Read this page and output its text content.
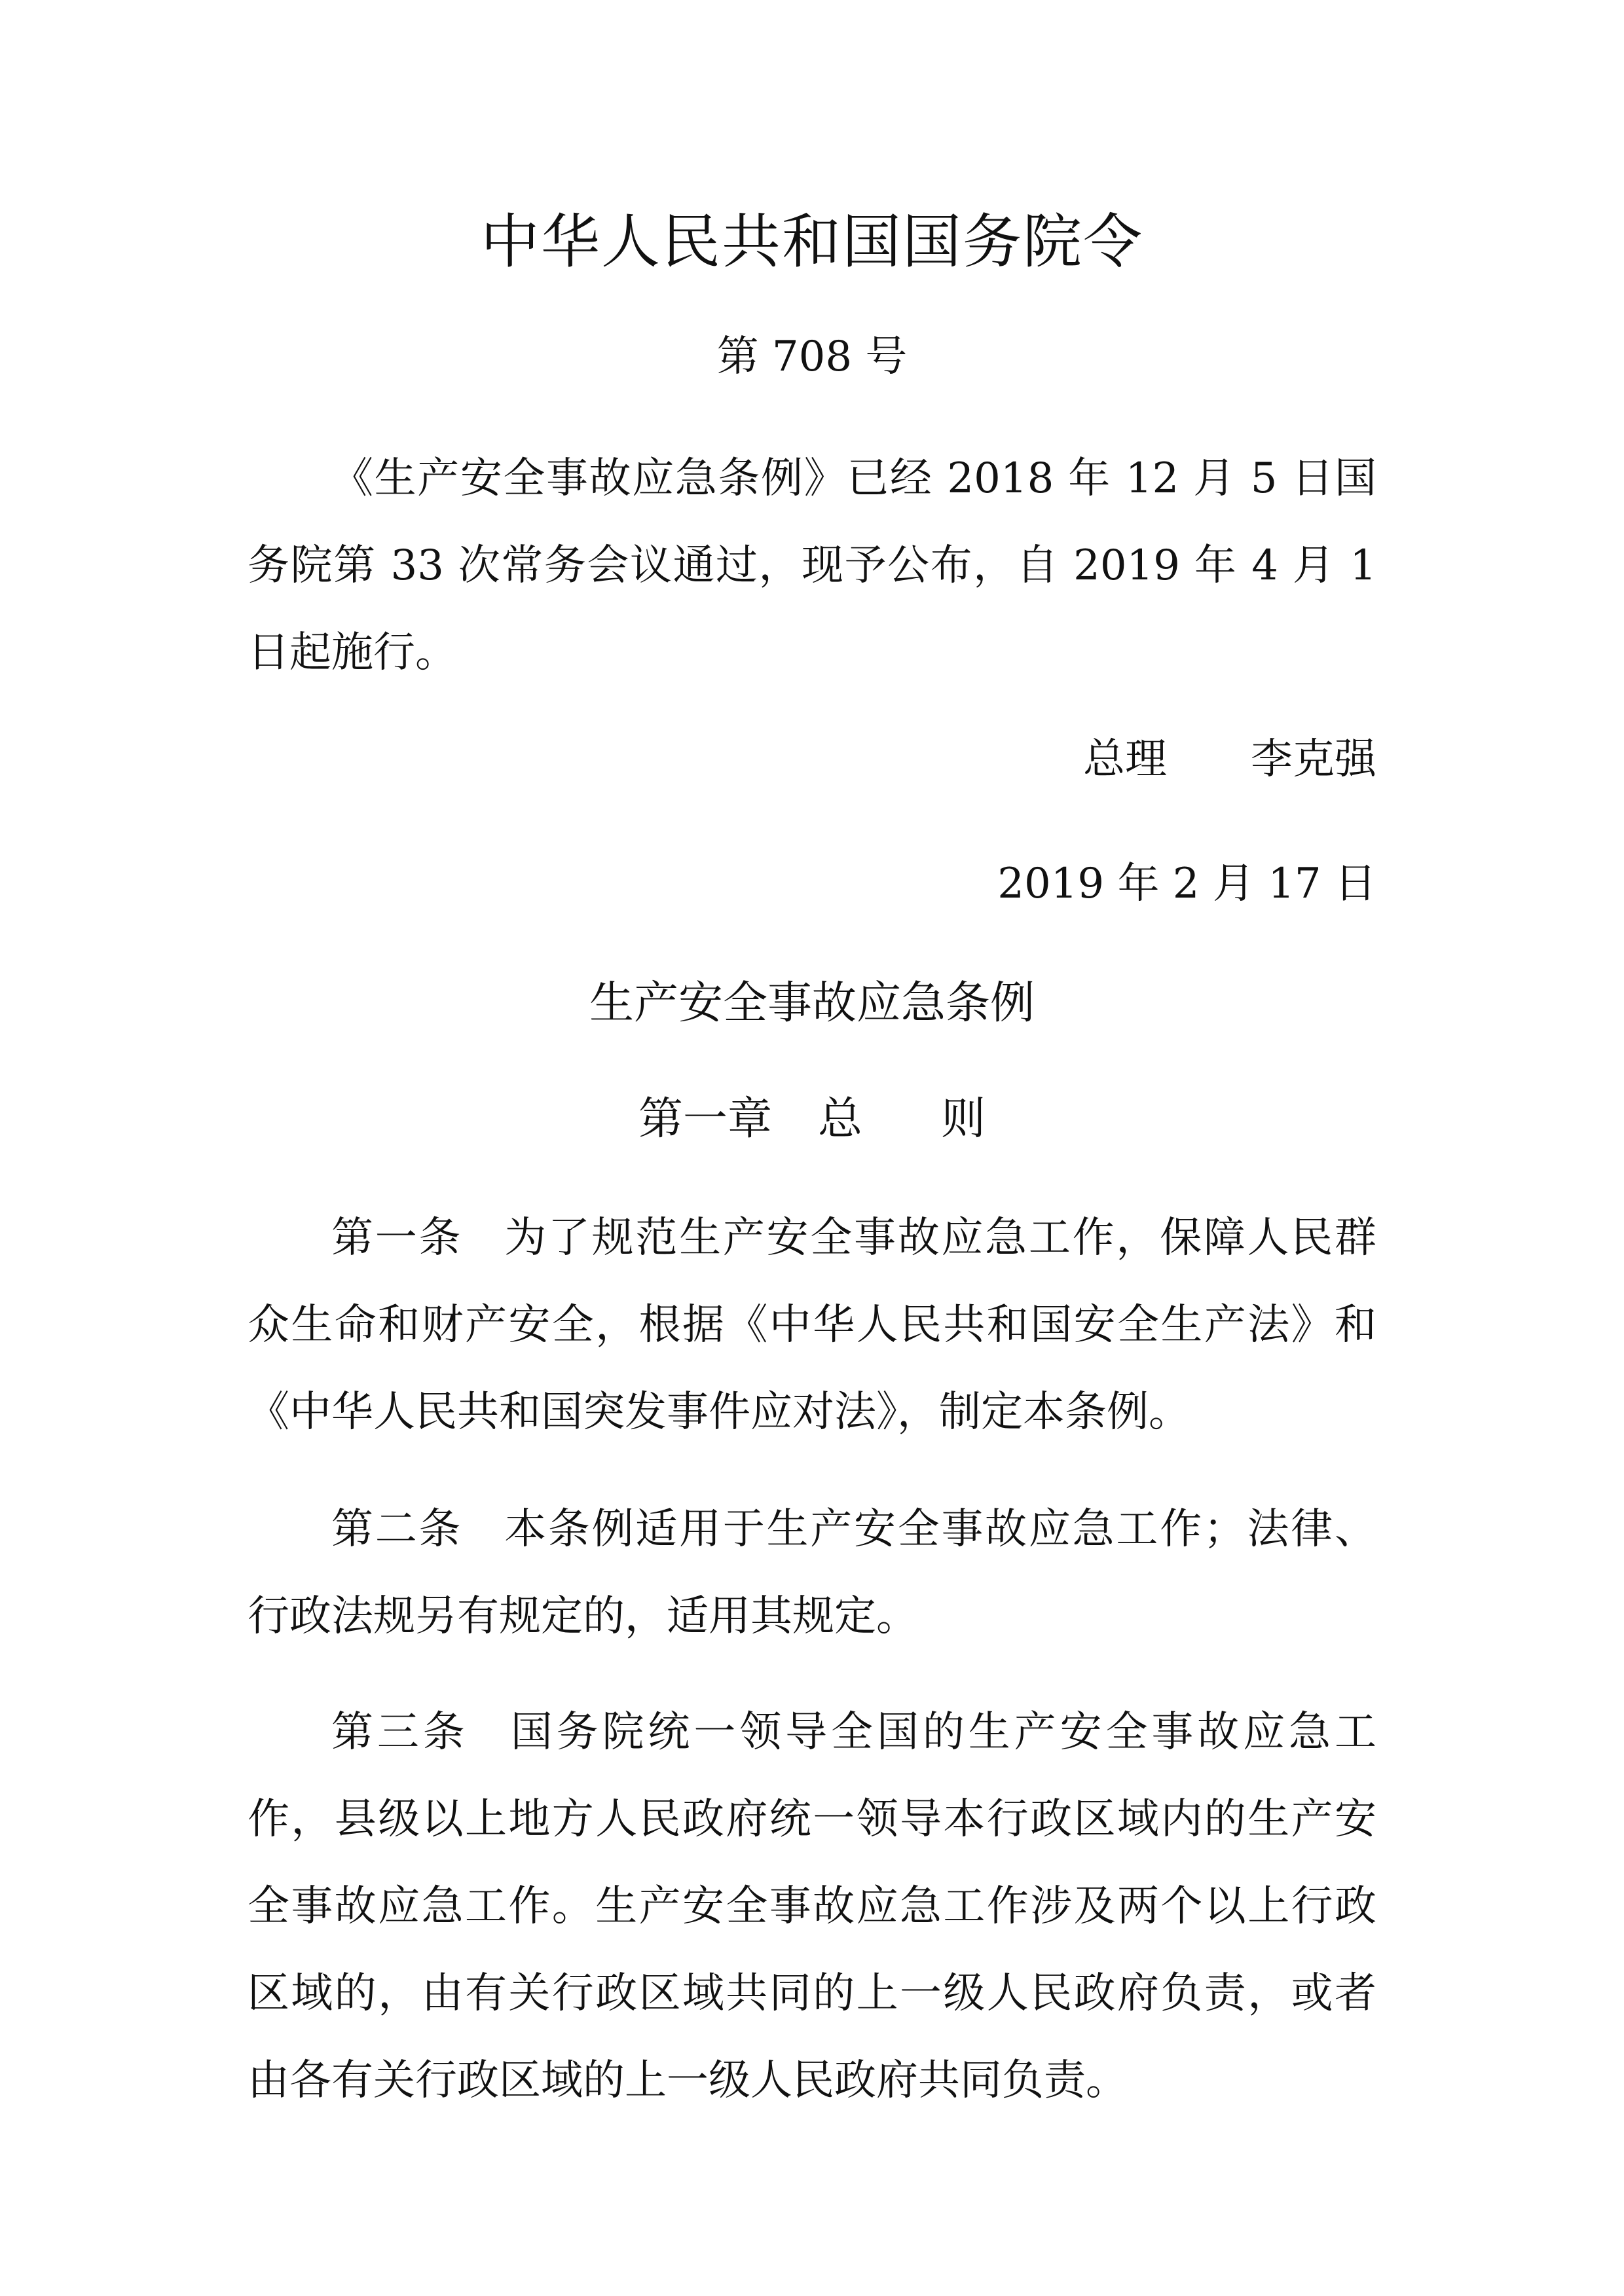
中华人民共和国国务院令
第 708 号

《生产安全事故应急条例》已经 2018 年 12 月 5 日国务院第 33 次常务会议通过，现予公布，自 2019 年 4 月 1 日起施行。

总理 李克强
2019 年 2 月 17 日
生产安全事故应急条例
第一章 总 则

第一条 为了规范生产安全事故应急工作，保障人民群众生命和财产安全，根据《中华人民共和国安全生产法》和《中华人民共和国突发事件应对法》，制定本条例。

第二条 本条例适用于生产安全事故应急工作；法律、行政法规另有规定的，适用其规定。

第三条 国务院统一领导全国的生产安全事故应急工作，县级以上地方人民政府统一领导本行政区域内的生产安全事故应急工作。生产安全事故应急工作涉及两个以上行政区域的，由有关行政区域共同的上一级人民政府负责，或者由各有关行政区域的上一级人民政府共同负责。
